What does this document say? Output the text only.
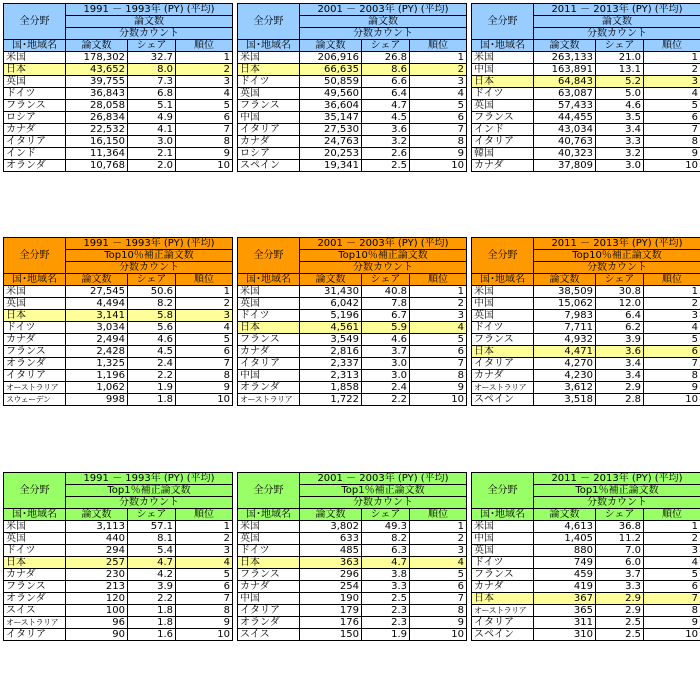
全分野	1991 － 1993年 (PY) (平均)		
	論文数		
	分数カウント		
国･地域名	論文数	シェア	順位
米国	178,302	32.7	1
日本	43,652	8.0	2
英国	39,755	7.3	3
ドイツ	36,843	6.8	4
フランス	28,058	5.1	5
ロシア	26,834	4.9	6
カナダ	22,532	4.1	7
イタリア	16,150	3.0	8
インド	11,364	2.1	9
オランダ	10,768	2.0	10
全分野	2001 － 2003年 (PY) (平均)		
	論文数		
	分数カウント		
国･地域名	論文数	シェア	順位
米国	206,916	26.8	1
日本	66,635	8.6	2
ドイツ	50,859	6.6	3
英国	49,560	6.4	4
フランス	36,604	4.7	5
中国	35,147	4.5	6
イタリア	27,530	3.6	7
カナダ	24,763	3.2	8
ロシア	20,253	2.6	9
スペイン	19,341	2.5	10
全分野	2011 － 2013年 (PY) (平均)		
	論文数		
	分数カウント		
国･地域名	論文数	シェア	順位
米国	263,133	21.0	1
中国	163,891	13.1	2
日本	64,843	5.2	3
ドイツ	63,087	5.0	4
英国	57,433	4.6	5
フランス	44,455	3.5	6
インド	43,034	3.4	7
イタリア	40,763	3.3	8
韓国	40,323	3.2	9
カナダ	37,809	3.0	10
全分野	1991 － 1993年 (PY) (平均)		
	Top10％補正論文数		
	分数カウント		
国･地域名	論文数	シェア	順位
米国	27,545	50.6	1
英国	4,494	8.2	2
日本	3,141	5.8	3
ドイツ	3,034	5.6	4
カナダ	2,494	4.6	5
フランス	2,428	4.5	6
オランダ	1,325	2.4	7
イタリア	1,196	2.2	8
オーストラリア	1,062	1.9	9
スウェーデン	998	1.8	10
全分野	2001 － 2003年 (PY) (平均)		
	Top10％補正論文数		
	分数カウント		
国･地域名	論文数	シェア	順位
米国	31,430	40.8	1
英国	6,042	7.8	2
ドイツ	5,196	6.7	3
日本	4,561	5.9	4
フランス	3,549	4.6	5
カナダ	2,816	3.7	6
イタリア	2,337	3.0	7
中国	2,313	3.0	8
オランダ	1,858	2.4	9
オーストラリア	1,722	2.2	10
全分野	2011 － 2013年 (PY) (平均)		
	Top10％補正論文数		
	分数カウント		
国･地域名	論文数	シェア	順位
米国	38,509	30.8	1
中国	15,062	12.0	2
英国	7,983	6.4	3
ドイツ	7,711	6.2	4
フランス	4,932	3.9	5
日本	4,471	3.6	6
イタリア	4,270	3.4	7
カナダ	4,230	3.4	8
オーストラリア	3,612	2.9	9
スペイン	3,518	2.8	10
全分野	1991 － 1993年 (PY) (平均)		
	Top1％補正論文数		
	分数カウント		
国･地域名	論文数	シェア	順位
米国	3,113	57.1	1
英国	440	8.1	2
ドイツ	294	5.4	3
日本	257	4.7	4
カナダ	230	4.2	5
フランス	213	3.9	6
オランダ	120	2.2	7
スイス	100	1.8	8
オーストラリア	96	1.8	9
イタリア	90	1.6	10
全分野	2001 － 2003年 (PY) (平均)		
	Top1％補正論文数		
	分数カウント		
国･地域名	論文数	シェア	順位
米国	3,802	49.3	1
英国	633	8.2	2
ドイツ	485	6.3	3
日本	363	4.7	4
フランス	296	3.8	5
カナダ	254	3.3	6
中国	190	2.5	7
イタリア	179	2.3	8
オランダ	176	2.3	9
スイス	150	1.9	10
全分野	2011 － 2013年 (PY) (平均)		
	Top1％補正論文数		
	分数カウント		
国･地域名	論文数	シェア	順位
米国	4,613	36.8	1
中国	1,405	11.2	2
英国	880	7.0	3
ドイツ	749	6.0	4
フランス	459	3.7	5
カナダ	419	3.3	6
日本	367	2.9	7
オーストラリア	365	2.9	8
イタリア	311	2.5	9
スペイン	310	2.5	10
